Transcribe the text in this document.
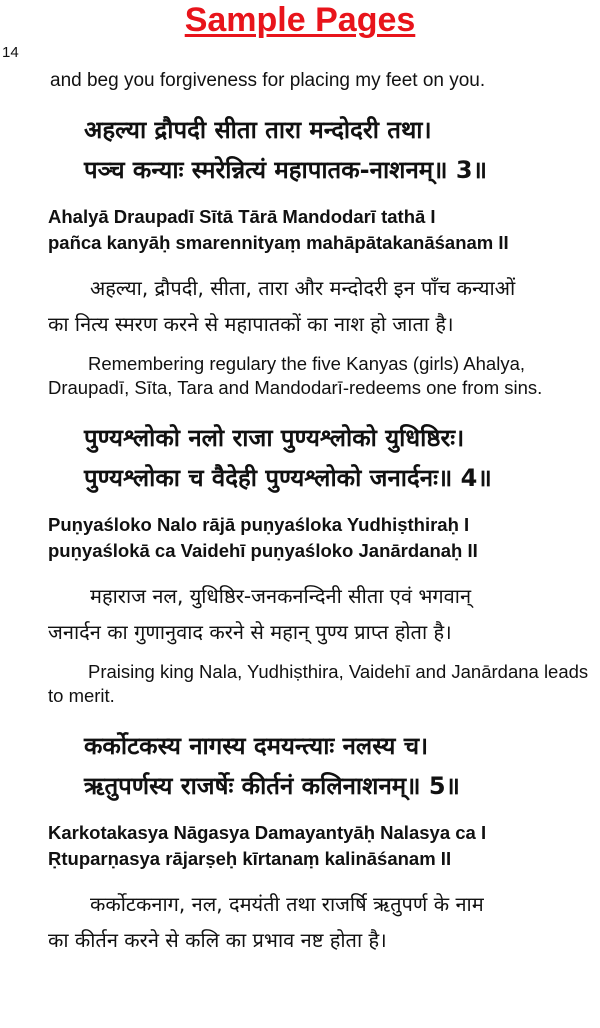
Sample Pages
14
and beg you forgiveness for placing my feet on you.
अहल्या द्रौपदी सीता तारा मन्दोदरी तथा।
पञ्च कन्याः स्मरेन्नित्यं महापातक-नाशनम्॥ 3॥
Ahalyā Draupadī Sītā Tārā Mandodarī tathā I
pañca kanyāḥ smarennityaṃ mahāpātakanāśanam II
अहल्या, द्रौपदी, सीता, तारा और मन्दोदरी इन पाँच कन्याओं
का नित्य स्मरण करने से महापातकों का नाश हो जाता है।
Remembering regulary the five Kanyas (girls) Ahalya, Draupadī, Sīta, Tara and Mandodarī-redeems one from sins.
पुण्यश्लोको नलो राजा पुण्यश्लोको युधिष्ठिरः।
पुण्यश्लोका च वैदेही पुण्यश्लोको जनार्दनः॥ 4॥
Puṇyaśloko Nalo rājā puṇyaśloka Yudhiṣthiraḥ I
puṇyaślokā ca Vaidehī puṇyaśloko Janārdanaḥ II
महाराज नल, युधिष्ठिर-जनकनन्दिनी सीता एवं भगवान्
जनार्दन का गुणानुवाद करने से महान् पुण्य प्राप्त होता है।
Praising king Nala, Yudhiṣthira, Vaidehī and Janārdana leads to merit.
कर्कोटकस्य नागस्य दमयन्त्याः नलस्य च।
ऋतुपर्णस्य राजर्षेः कीर्तनं कलिनाशनम्॥ 5॥
Karkotakasya Nāgasya Damayantyāḥ Nalasya ca I
Ṛtuparṇasya rājarṣeḥ kīrtanaṃ kalināśanam II
कर्कोटकनाग, नल, दमयंती तथा राजर्षि ऋतुपर्ण के नाम
का कीर्तन करने से कलि का प्रभाव नष्ट होता है।
